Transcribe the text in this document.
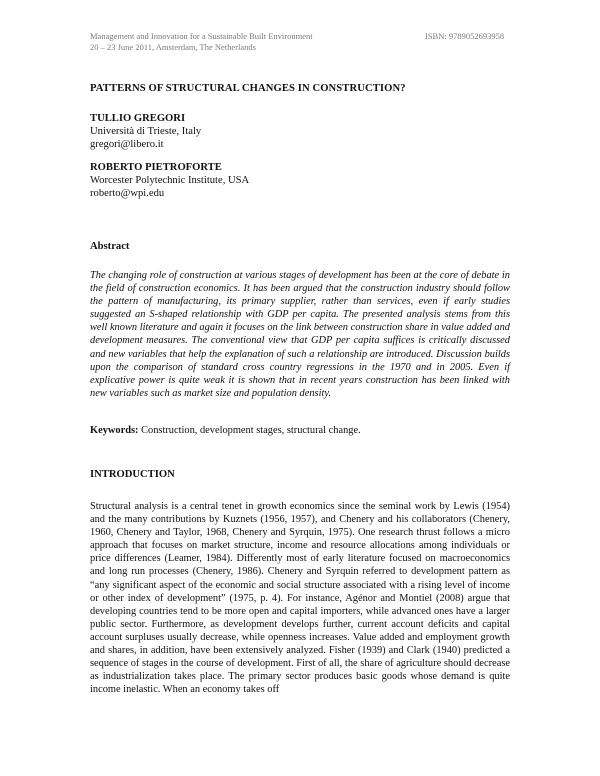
Management and Innovation for a Sustainable Built Environment
20 – 23 June 2011, Amsterdam, The Netherlands
ISBN: 9789052693958
PATTERNS OF STRUCTURAL CHANGES IN CONSTRUCTION?
TULLIO GREGORI
Università di Trieste, Italy
gregori@libero.it
ROBERTO PIETROFORTE
Worcester Polytechnic Institute, USA
roberto@wpi.edu
Abstract
The changing role of construction at various stages of development has been at the core of debate in the field of construction economics. It has been argued that the construction industry should follow the pattern of manufacturing, its primary supplier, rather than services, even if early studies suggested an S-shaped relationship with GDP per capita. The presented analysis stems from this well known literature and again it focuses on the link between construction share in value added and development measures. The conventional view that GDP per capita suffices is critically discussed and new variables that help the explanation of such a relationship are introduced. Discussion builds upon the comparison of standard cross country regressions in the 1970 and in 2005. Even if explicative power is quite weak it is shown that in recent years construction has been linked with new variables such as market size and population density.
Keywords: Construction, development stages, structural change.
INTRODUCTION
Structural analysis is a central tenet in growth economics since the seminal work by Lewis (1954) and the many contributions by Kuznets (1956, 1957), and Chenery and his collaborators (Chenery, 1960, Chenery and Taylor, 1968, Chenery and Syrquin, 1975). One research thrust follows a micro approach that focuses on market structure, income and resource allocations among individuals or price differences (Leamer, 1984). Differently most of early literature focused on macroeconomics and long run processes (Chenery, 1986). Chenery and Syrquin referred to development pattern as “any significant aspect of the economic and social structure associated with a rising level of income or other index of development” (1975, p. 4). For instance, Agénor and Montiel (2008) argue that developing countries tend to be more open and capital importers, while advanced ones have a larger public sector. Furthermore, as development develops further, current account deficits and capital account surpluses usually decrease, while openness increases. Value added and employment growth and shares, in addition, have been extensively analyzed. Fisher (1939) and Clark (1940) predicted a sequence of stages in the course of development. First of all, the share of agriculture should decrease as industrialization takes place. The primary sector produces basic goods whose demand is quite income inelastic. When an economy takes off
